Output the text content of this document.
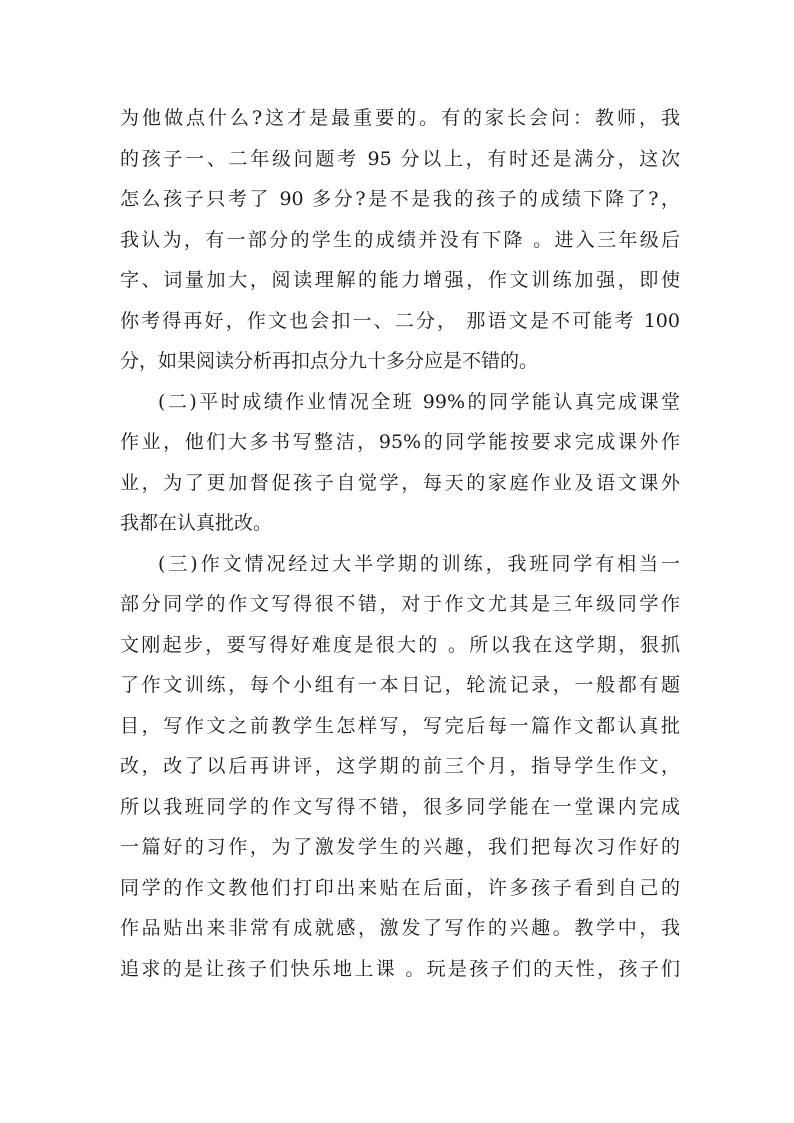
为他做点什么?这才是最重要的。有的家长会问：教师，我
的孩子一、二年级问题考 95 分以上，有时还是满分，这次
怎么孩子只考了 90 多分?是不是我的孩子的成绩下降了?，
我认为，有一部分的学生的成绩并没有下降 。进入三年级后
字、词量加大，阅读理解的能力增强，作文训练加强，即使
你考得再好，作文也会扣一、二分， 那语文是不可能考 100
分，如果阅读分析再扣点分九十多分应是不错的。
(二)平时成绩作业情况全班 99%的同学能认真完成课堂
作业，他们大多书写整洁，95%的同学能按要求完成课外作
业，为了更加督促孩子自觉学，每天的家庭作业及语文课外
我都在认真批改。
(三)作文情况经过大半学期的训练，我班同学有相当一
部分同学的作文写得很不错，对于作文尤其是三年级同学作
文刚起步，要写得好难度是很大的 。所以我在这学期，狠抓
了作文训练，每个小组有一本日记，轮流记录，一般都有题
目，写作文之前教学生怎样写，写完后每一篇作文都认真批
改，改了以后再讲评，这学期的前三个月，指导学生作文，
所以我班同学的作文写得不错，很多同学能在一堂课内完成
一篇好的习作，为了激发学生的兴趣，我们把每次习作好的
同学的作文教他们打印出来贴在后面，许多孩子看到自己的
作品贴出来非常有成就感，激发了写作的兴趣。教学中，我
追求的是让孩子们快乐地上课 。玩是孩子们的天性，孩子们
